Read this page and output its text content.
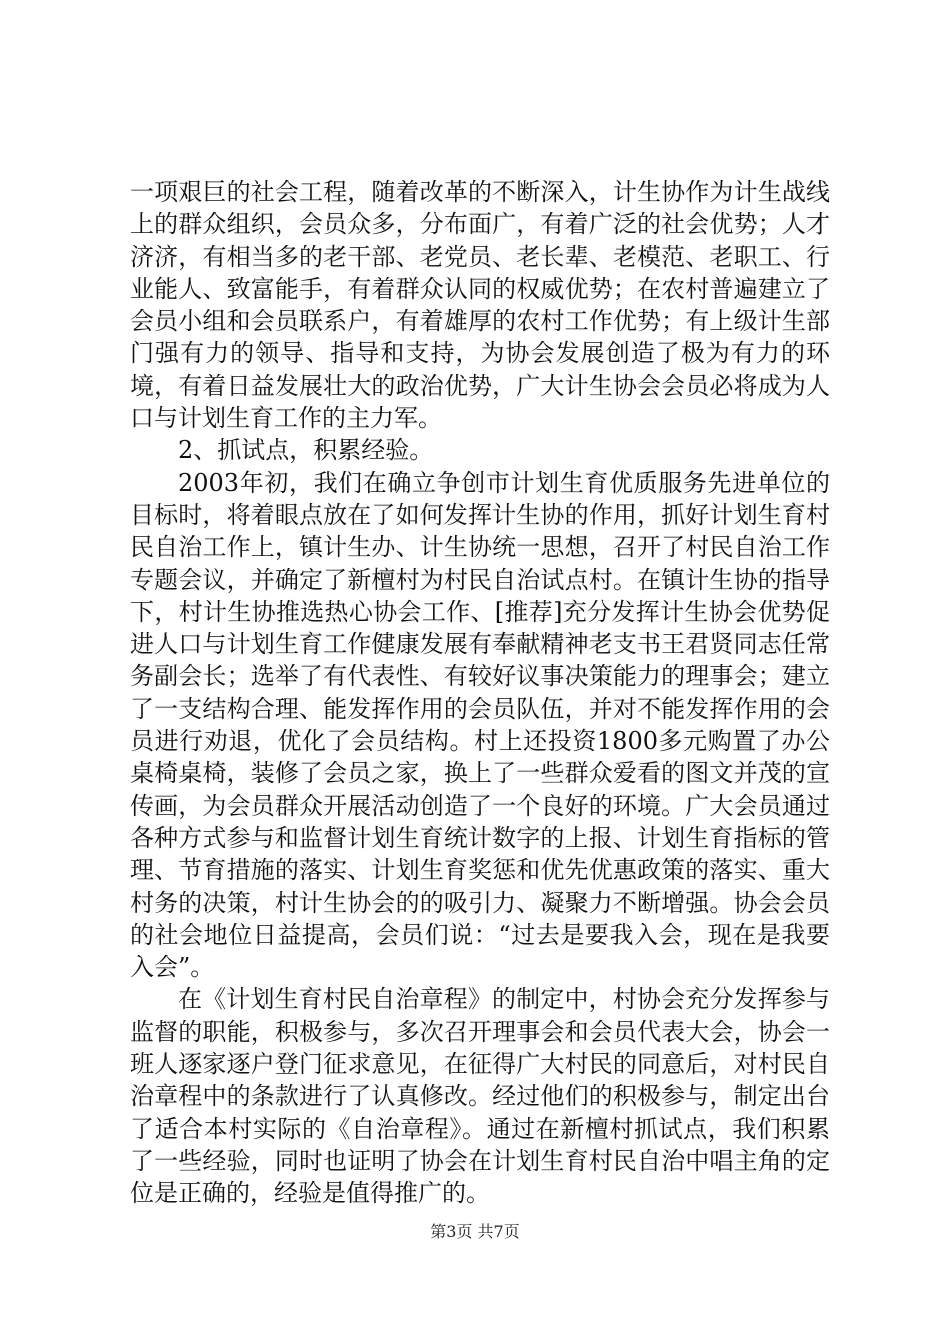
一项艰巨的社会工程，随着改革的不断深入，计生协作为计生战线上的群众组织，会员众多，分布面广，有着广泛的社会优势；人才济济，有相当多的老干部、老党员、老长辈、老模范、老职工、行业能人、致富能手，有着群众认同的权威优势；在农村普遍建立了会员小组和会员联系户，有着雄厚的农村工作优势；有上级计生部门强有力的领导、指导和支持，为协会发展创造了极为有力的环境，有着日益发展壮大的政治优势，广大计生协会会员必将成为人口与计划生育工作的主力军。

2、抓试点，积累经验。

2003年初，我们在确立争创市计划生育优质服务先进单位的目标时，将着眼点放在了如何发挥计生协的作用，抓好计划生育村民自治工作上，镇计生办、计生协统一思想，召开了村民自治工作专题会议，并确定了新檀村为村民自治试点村。在镇计生协的指导下，村计生协推选热心协会工作、[推荐]充分发挥计生协会优势促进人口与计划生育工作健康发展有奉献精神老支书王君贤同志任常务副会长；选举了有代表性、有较好议事决策能力的理事会；建立了一支结构合理、能发挥作用的会员队伍，并对不能发挥作用的会员进行劝退，优化了会员结构。村上还投资1800多元购置了办公桌椅桌椅，装修了会员之家，换上了一些群众爱看的图文并茂的宣传画，为会员群众开展活动创造了一个良好的环境。广大会员通过各种方式参与和监督计划生育统计数字的上报、计划生育指标的管理、节育措施的落实、计划生育奖惩和优先优惠政策的落实、重大村务的决策，村计生协会的的吸引力、凝聚力不断增强。协会会员的社会地位日益提高，会员们说：“过去是要我入会，现在是我要入会”。

在《计划生育村民自治章程》的制定中，村协会充分发挥参与监督的职能，积极参与，多次召开理事会和会员代表大会，协会一班人逐家逐户登门征求意见，在征得广大村民的同意后，对村民自治章程中的条款进行了认真修改。经过他们的积极参与，制定出台了适合本村实际的《自治章程》。通过在新檀村抓试点，我们积累了一些经验，同时也证明了协会在计划生育村民自治中唱主角的定位是正确的，经验是值得推广的。

第3页 共7页
